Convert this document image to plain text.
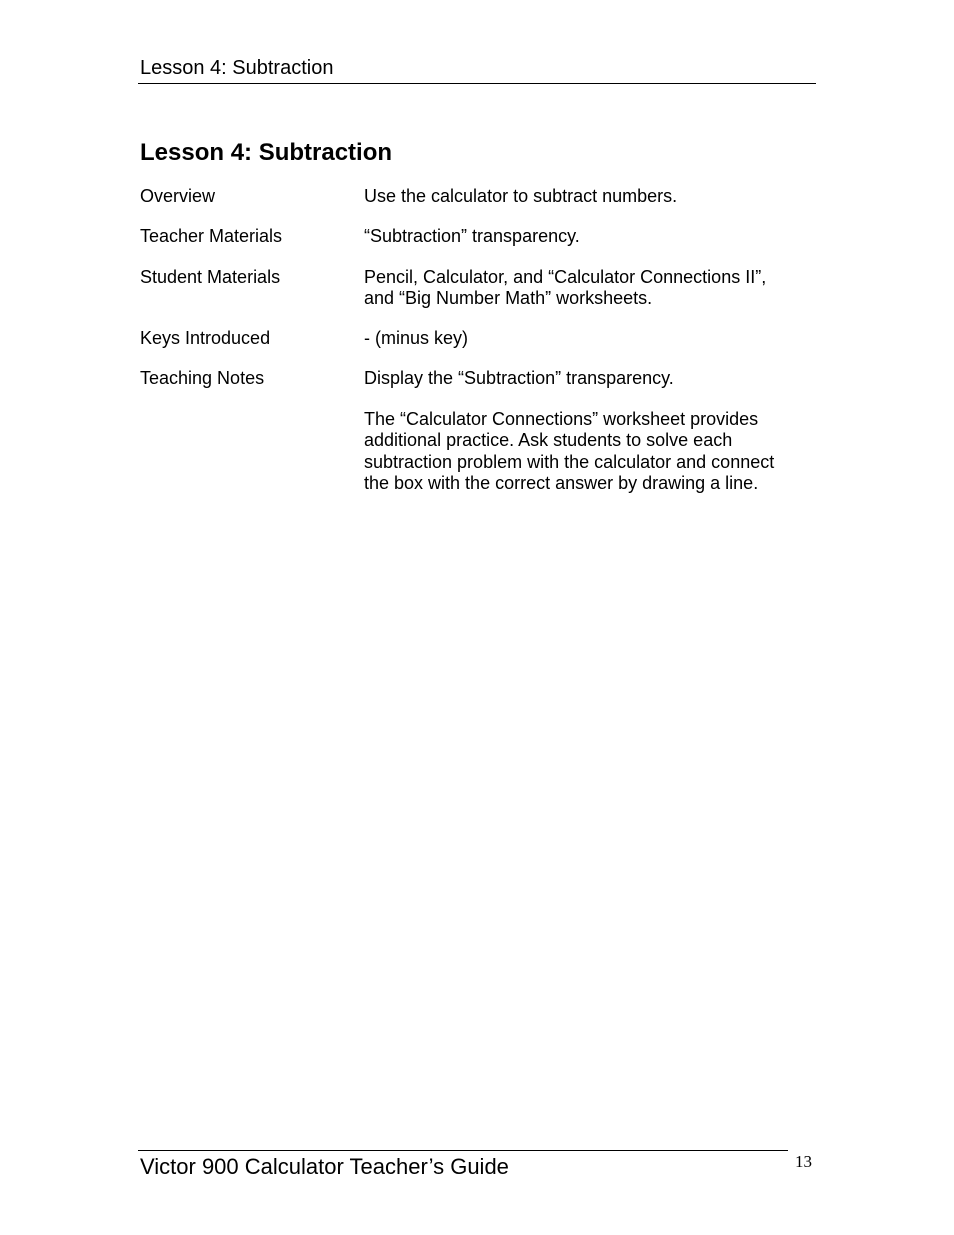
Lesson 4: Subtraction
Lesson 4: Subtraction
Overview	Use the calculator to subtract numbers.
Teacher Materials	“Subtraction” transparency.
Student Materials	Pencil, Calculator, and “Calculator Connections II”,
and “Big Number Math” worksheets.
Keys Introduced	- (minus key)
Teaching Notes	Display the “Subtraction” transparency.
The “Calculator Connections” worksheet provides
additional practice. Ask students to solve each
subtraction problem with the calculator and connect
the box with the correct answer by drawing a line.
Victor 900 Calculator Teacher’s Guide	13
